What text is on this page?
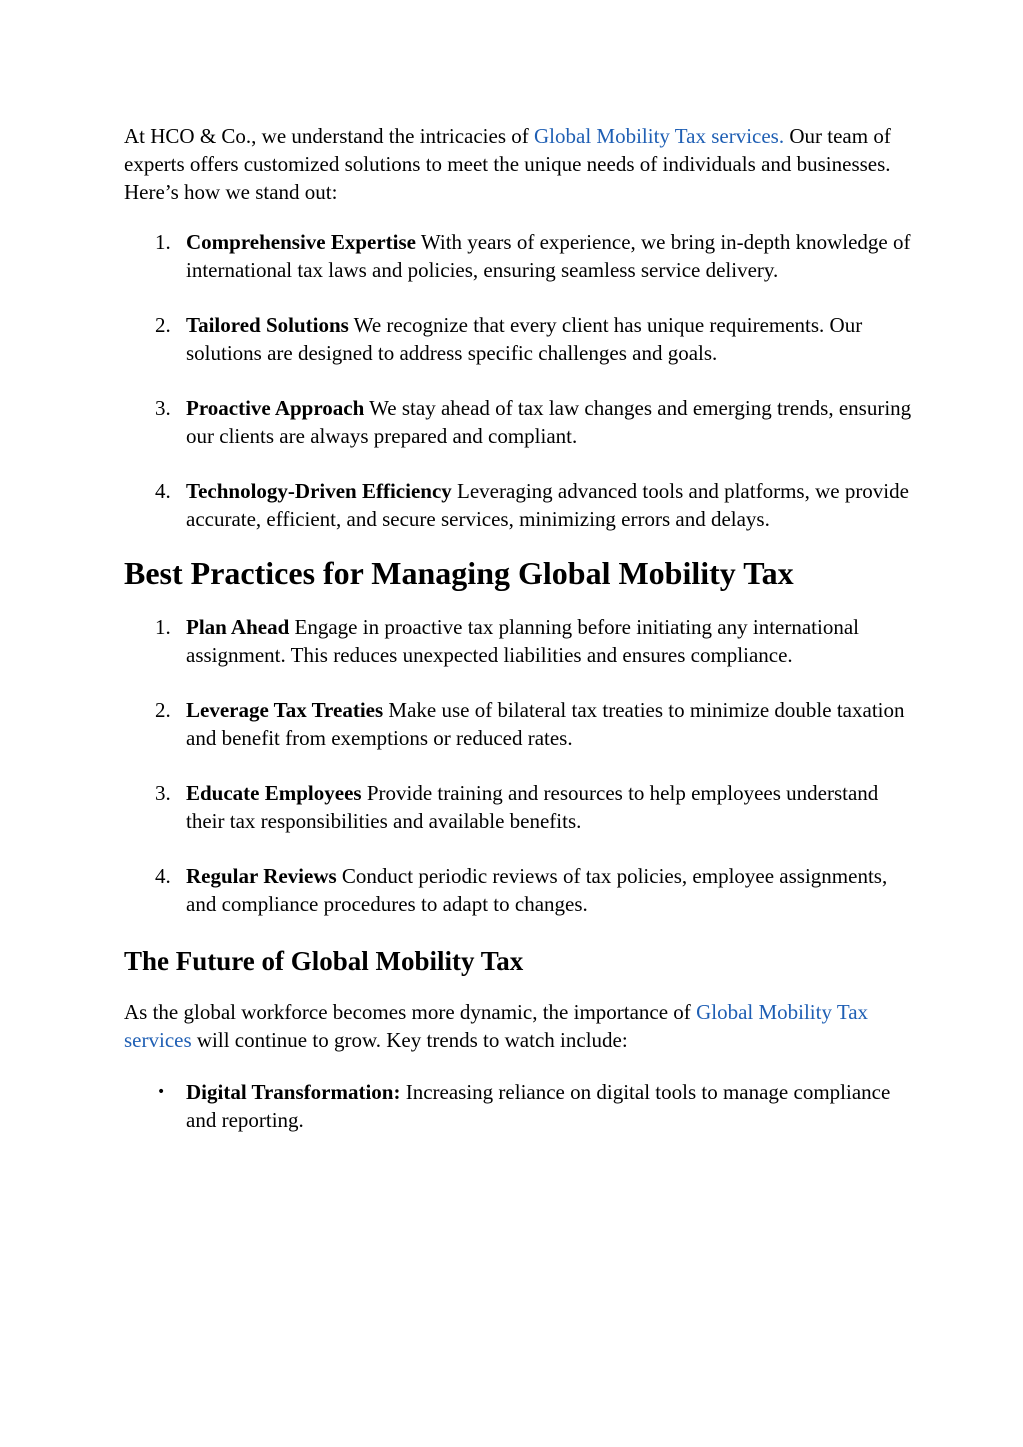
At HCO & Co., we understand the intricacies of Global Mobility Tax services. Our team of experts offers customized solutions to meet the unique needs of individuals and businesses. Here’s how we stand out:

1. Comprehensive Expertise With years of experience, we bring in-depth knowledge of international tax laws and policies, ensuring seamless service delivery.
2. Tailored Solutions We recognize that every client has unique requirements. Our solutions are designed to address specific challenges and goals.
3. Proactive Approach We stay ahead of tax law changes and emerging trends, ensuring our clients are always prepared and compliant.
4. Technology-Driven Efficiency Leveraging advanced tools and platforms, we provide accurate, efficient, and secure services, minimizing errors and delays.
Best Practices for Managing Global Mobility Tax
1. Plan Ahead Engage in proactive tax planning before initiating any international assignment. This reduces unexpected liabilities and ensures compliance.
2. Leverage Tax Treaties Make use of bilateral tax treaties to minimize double taxation and benefit from exemptions or reduced rates.
3. Educate Employees Provide training and resources to help employees understand their tax responsibilities and available benefits.
4. Regular Reviews Conduct periodic reviews of tax policies, employee assignments, and compliance procedures to adapt to changes.
The Future of Global Mobility Tax

As the global workforce becomes more dynamic, the importance of Global Mobility Tax services will continue to grow. Key trends to watch include:

• Digital Transformation: Increasing reliance on digital tools to manage compliance and reporting.
